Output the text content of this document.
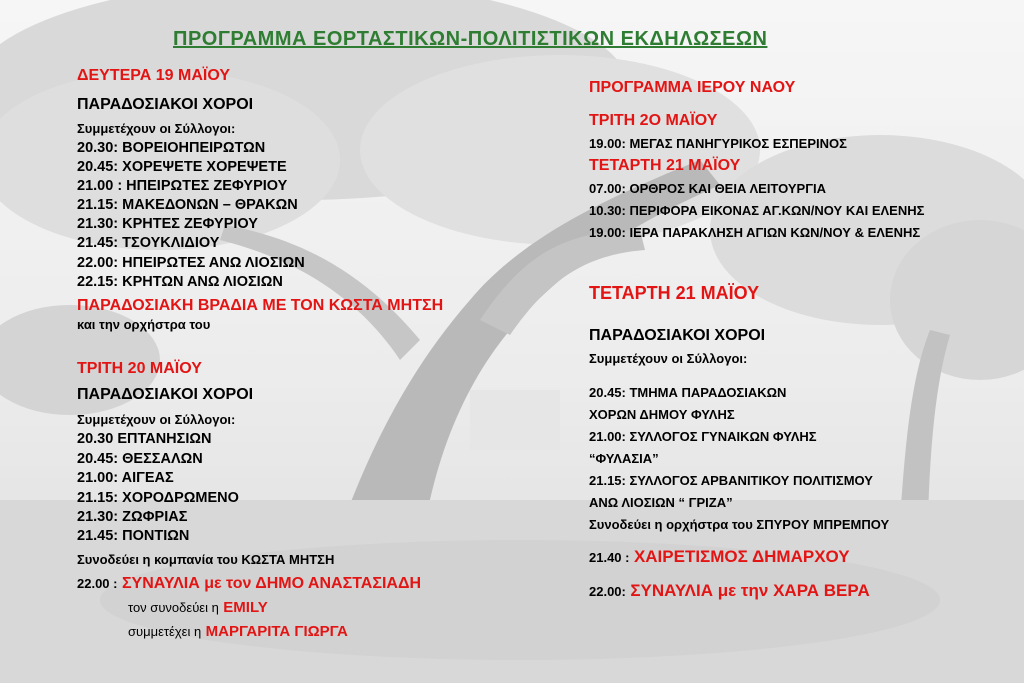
ΠΡΟΓΡΑΜΜΑ ΕΟΡΤΑΣΤΙΚΩΝ-ΠΟΛΙΤΙΣΤΙΚΩΝ ΕΚΔΗΛΩΣΕΩΝ
ΔΕΥΤΕΡΑ 19 ΜΑΪΟΥ
ΠΑΡΑΔΟΣΙΑΚΟΙ ΧΟΡΟΙ
Συμμετέχουν οι Σύλλογοι:
20.30: ΒΟΡΕΙΟΗΠΕΙΡΩΤΩΝ
20.45: ΧΟΡΕΨΕΤΕ ΧΟΡΕΨΕΤΕ
21.00 : ΗΠΕΙΡΩΤΕΣ ΖΕΦΥΡΙΟΥ
21.15: ΜΑΚΕΔΟΝΩΝ – ΘΡΑΚΩΝ
21.30: ΚΡΗΤΕΣ ΖΕΦΥΡΙΟΥ
21.45: ΤΣΟΥΚΛΙΔΙΟΥ
22.00: ΗΠΕΙΡΩΤΕΣ ΑΝΩ ΛΙΟΣΙΩΝ
22.15: ΚΡΗΤΩΝ ΑΝΩ ΛΙΟΣΙΩΝ
ΠΑΡΑΔΟΣΙΑΚΗ ΒΡΑΔΙΑ ΜΕ ΤΟΝ ΚΩΣΤΑ ΜΗΤΣΗ
και την ορχήστρα του
ΤΡΙΤΗ 20 ΜΑΪΟΥ
ΠΑΡΑΔΟΣΙΑΚΟΙ ΧΟΡΟΙ
Συμμετέχουν οι Σύλλογοι:
20.30 ΕΠΤΑΝΗΣΙΩΝ
20.45: ΘΕΣΣΑΛΩΝ
21.00: ΑΙΓΕΑΣ
21.15: ΧΟΡΟΔΡΩΜΕΝΟ
21.30: ΖΩΦΡΙΑΣ
21.45: ΠΟΝΤΙΩΝ
Συνοδεύει η κομπανία του ΚΩΣΤΑ ΜΗΤΣΗ
22.00 : ΣΥΝΑΥΛΙΑ με τον ΔΗΜΟ ΑΝΑΣΤΑΣΙΑΔΗ
τον συνοδεύει η EMILY
συμμετέχει η ΜΑΡΓΑΡΙΤΑ ΓΙΩΡΓΑ
ΠΡΟΓΡΑΜΜΑ ΙΕΡΟΥ ΝΑΟΥ
ΤΡΙΤΗ 2Ο ΜΑΪΟΥ
19.00: ΜΕΓΑΣ ΠΑΝΗΓΥΡΙΚΟΣ ΕΣΠΕΡΙΝΟΣ
ΤΕΤΑΡΤΗ 21 ΜΑΪΟΥ
07.00: ΟΡΘΡΟΣ ΚΑΙ ΘΕΙΑ ΛΕΙΤΟΥΡΓΙΑ
10.30: ΠΕΡΙΦΟΡΑ ΕΙΚΟΝΑΣ ΑΓ.ΚΩΝ/ΝΟΥ ΚΑΙ ΕΛΕΝΗΣ
19.00: ΙΕΡΑ ΠΑΡΑΚΛΗΣΗ ΑΓΙΩΝ ΚΩΝ/ΝΟΥ & ΕΛΕΝΗΣ
ΤΕΤΑΡΤΗ 21 ΜΑΪΟΥ
ΠΑΡΑΔΟΣΙΑΚΟΙ ΧΟΡΟΙ
Συμμετέχουν οι Σύλλογοι:
20.45: ΤΜΗΜΑ ΠΑΡΑΔΟΣΙΑΚΩΝ
ΧΟΡΩΝ ΔΗΜΟΥ ΦΥΛΗΣ
21.00: ΣΥΛΛΟΓΟΣ ΓΥΝΑΙΚΩΝ ΦΥΛΗΣ
“ΦΥΛΑΣΙΑ”
21.15: ΣΥΛΛΟΓΟΣ ΑΡΒΑΝΙΤΙΚΟΥ ΠΟΛΙΤΙΣΜΟΥ
ΑΝΩ ΛΙΟΣΙΩΝ “ ΓΡΙΖΑ”
Συνοδεύει η ορχήστρα του ΣΠΥΡΟΥ ΜΠΡΕΜΠΟΥ
21.40 : ΧΑΙΡΕΤΙΣΜΟΣ ΔΗΜΑΡΧΟΥ
22.00: ΣΥΝΑΥΛΙΑ με την ΧΑΡΑ ΒΕΡΑ
